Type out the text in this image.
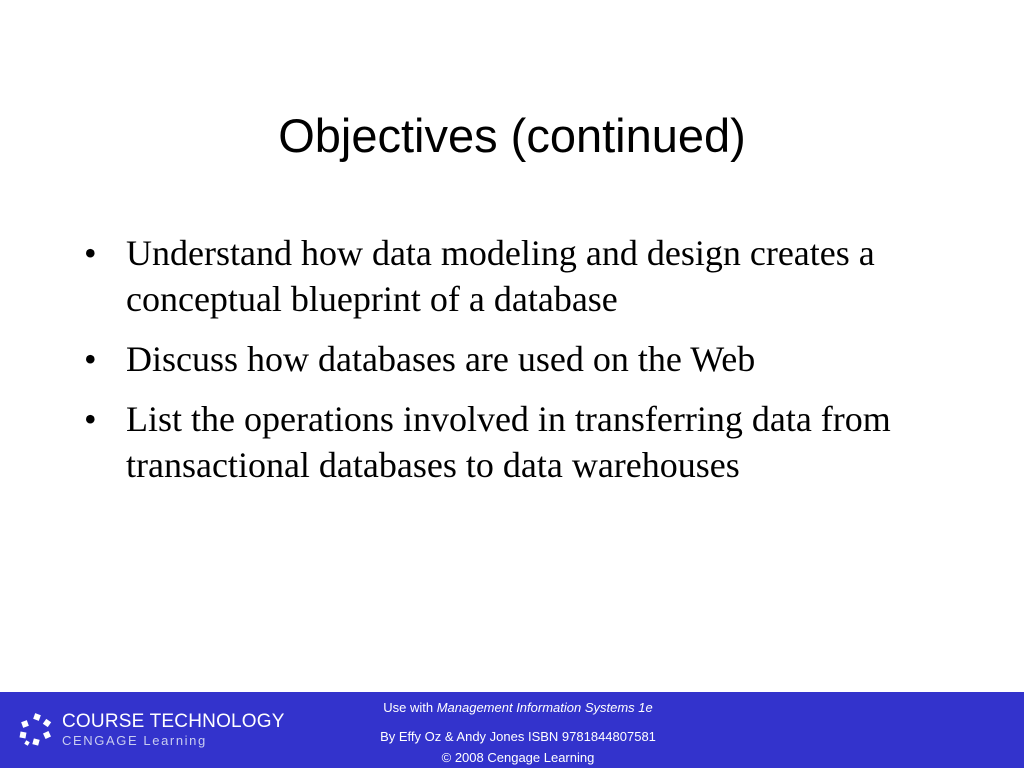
Objectives (continued)
• Understand how data modeling and design creates a conceptual blueprint of a database
• Discuss how databases are used on the Web
• List the operations involved in transferring data from transactional databases to data warehouses
COURSE TECHNOLOGY
CENGAGE Learning
Use with Management Information Systems 1e
By Effy Oz & Andy Jones ISBN 9781844807581
© 2008 Cengage Learning
